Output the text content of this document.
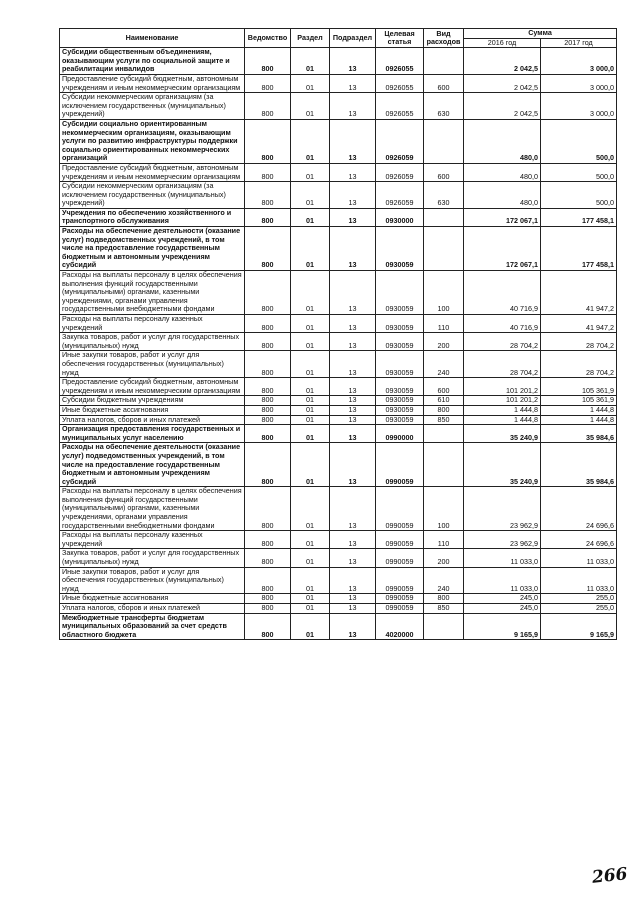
Наименование	Ведомство	Раздел	Подраздел	Целевая статья	Вид расходов	Сумма	
						2016 год	2017 год
Субсидии общественным объединениям, оказывающим услуги по социальной защите и реабилитации инвалидов	800	01	13	0926055		2 042,5	3 000,0
Предоставление субсидий бюджетным, автономным учреждениям и иным некоммерческим организациям	800	01	13	0926055	600	2 042,5	3 000,0
Субсидии некоммерческим организациям (за исключением государственных (муниципальных) учреждений)	800	01	13	0926055	630	2 042,5	3 000,0
Субсидии социально ориентированным некоммерческим организациям, оказывающим услуги по развитию инфраструктуры поддержки социально ориентированных некоммерческих организаций	800	01	13	0926059		480,0	500,0
Предоставление субсидий бюджетным, автономным учреждениям и иным некоммерческим организациям	800	01	13	0926059	600	480,0	500,0
Субсидии некоммерческим организациям (за исключением государственных (муниципальных) учреждений)	800	01	13	0926059	630	480,0	500,0
Учреждения по обеспечению хозяйственного и транспортного обслуживания	800	01	13	0930000		172 067,1	177 458,1
Расходы на обеспечение деятельности (оказание услуг) подведомственных учреждений, в том числе на предоставление государственным бюджетным и автономным учреждениям субсидий	800	01	13	0930059		172 067,1	177 458,1
Расходы на выплаты персоналу в целях обеспечения выполнения функций государственными (муниципальными) органами, казенными учреждениями, органами управления государственными внебюджетными фондами	800	01	13	0930059	100	40 716,9	41 947,2
Расходы на выплаты персоналу казенных учреждений	800	01	13	0930059	110	40 716,9	41 947,2
Закупка товаров, работ и услуг для государственных (муниципальных) нужд	800	01	13	0930059	200	28 704,2	28 704,2
Иные закупки товаров, работ и услуг для обеспечения государственных (муниципальных) нужд	800	01	13	0930059	240	28 704,2	28 704,2
Предоставление субсидий бюджетным, автономным учреждениям и иным некоммерческим организациям	800	01	13	0930059	600	101 201,2	105 361,9
Субсидии бюджетным учреждениям	800	01	13	0930059	610	101 201,2	105 361,9
Иные бюджетные ассигнования	800	01	13	0930059	800	1 444,8	1 444,8
Уплата налогов, сборов и иных платежей	800	01	13	0930059	850	1 444,8	1 444,8
Организация предоставления государственных и муниципальных услуг населению	800	01	13	0990000		35 240,9	35 984,6
Расходы на обеспечение деятельности (оказание услуг) подведомственных учреждений, в том числе на предоставление государственным бюджетным и автономным учреждениям субсидий	800	01	13	0990059		35 240,9	35 984,6
Расходы на выплаты персоналу в целях обеспечения выполнения функций государственными (муниципальными) органами, казенными учреждениями, органами управления государственными внебюджетными фондами	800	01	13	0990059	100	23 962,9	24 696,6
Расходы на выплаты персоналу казенных учреждений	800	01	13	0990059	110	23 962,9	24 696,6
Закупка товаров, работ и услуг для государственных (муниципальных) нужд	800	01	13	0990059	200	11 033,0	11 033,0
Иные закупки товаров, работ и услуг для обеспечения государственных (муниципальных) нужд	800	01	13	0990059	240	11 033,0	11 033,0
Иные бюджетные ассигнования	800	01	13	0990059	800	245,0	255,0
Уплата налогов, сборов и иных платежей	800	01	13	0990059	850	245,0	255,0
Межбюджетные трансферты бюджетам муниципальных образований за счет средств областного бюджета	800	01	13	4020000		9 165,9	9 165,9
266
